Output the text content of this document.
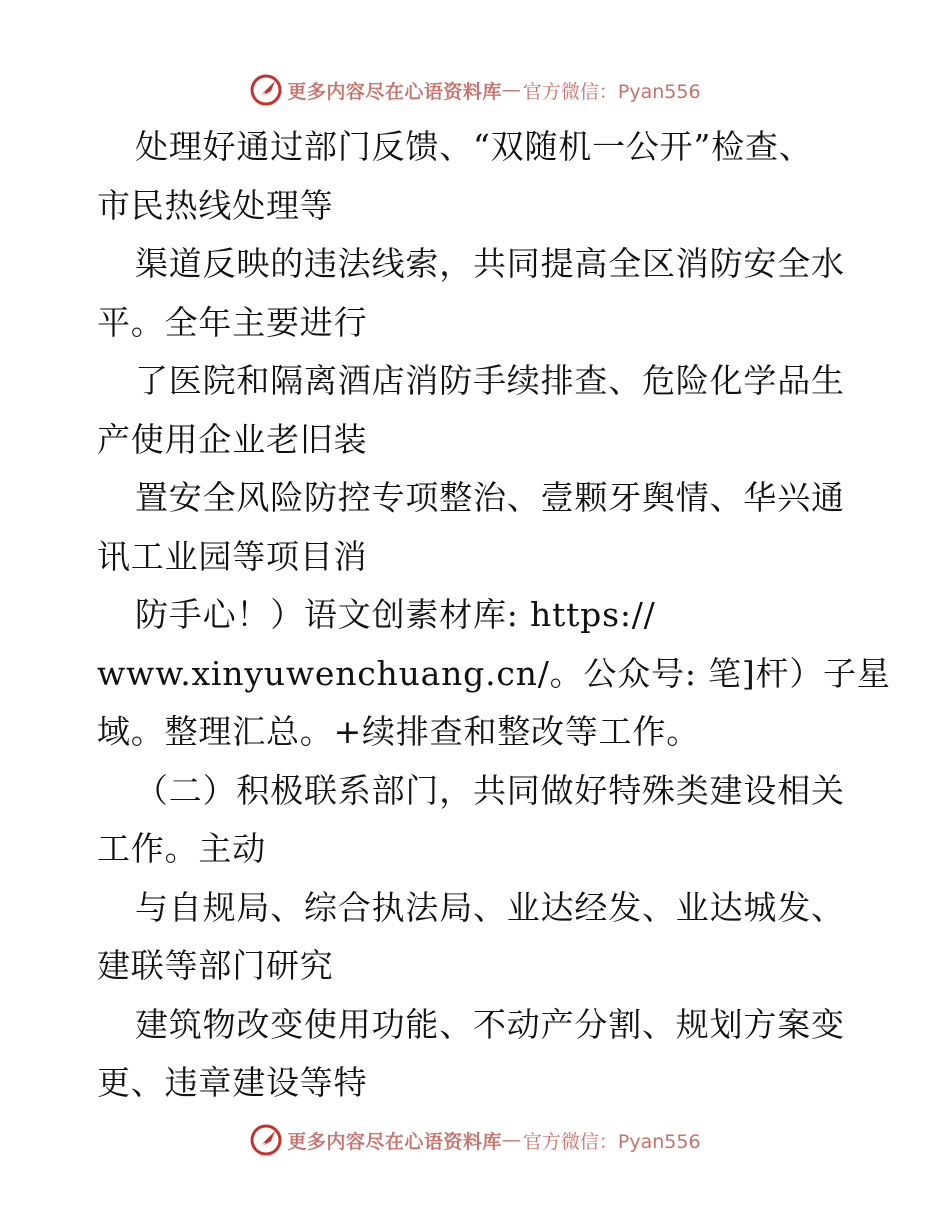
更多内容尽在心语资料库 — 官方微信：Pyan556
处理好通过部门反馈、“双随机一公开”检查、
市民热线处理等
渠道反映的违法线索，共同提高全区消防安全水
平。全年主要进行
了医院和隔离酒店消防手续排查、危险化学品生
产使用企业老旧装
置安全风险防控专项整治、壹颗牙舆情、华兴通
讯工业园等项目消
防手心！）语文创素材库: https://
www.xinyuwenchuang.cn/。公众号: 笔]杆）子星
域。整理汇总。+续排查和整改等工作。
（二）积极联系部门，共同做好特殊类建设相关
工作。主动
与自规局、综合执法局、业达经发、业达城发、
建联等部门研究
建筑物改变使用功能、不动产分割、规划方案变
更、违章建设等特
更多内容尽在心语资料库 — 官方微信：Pyan556
